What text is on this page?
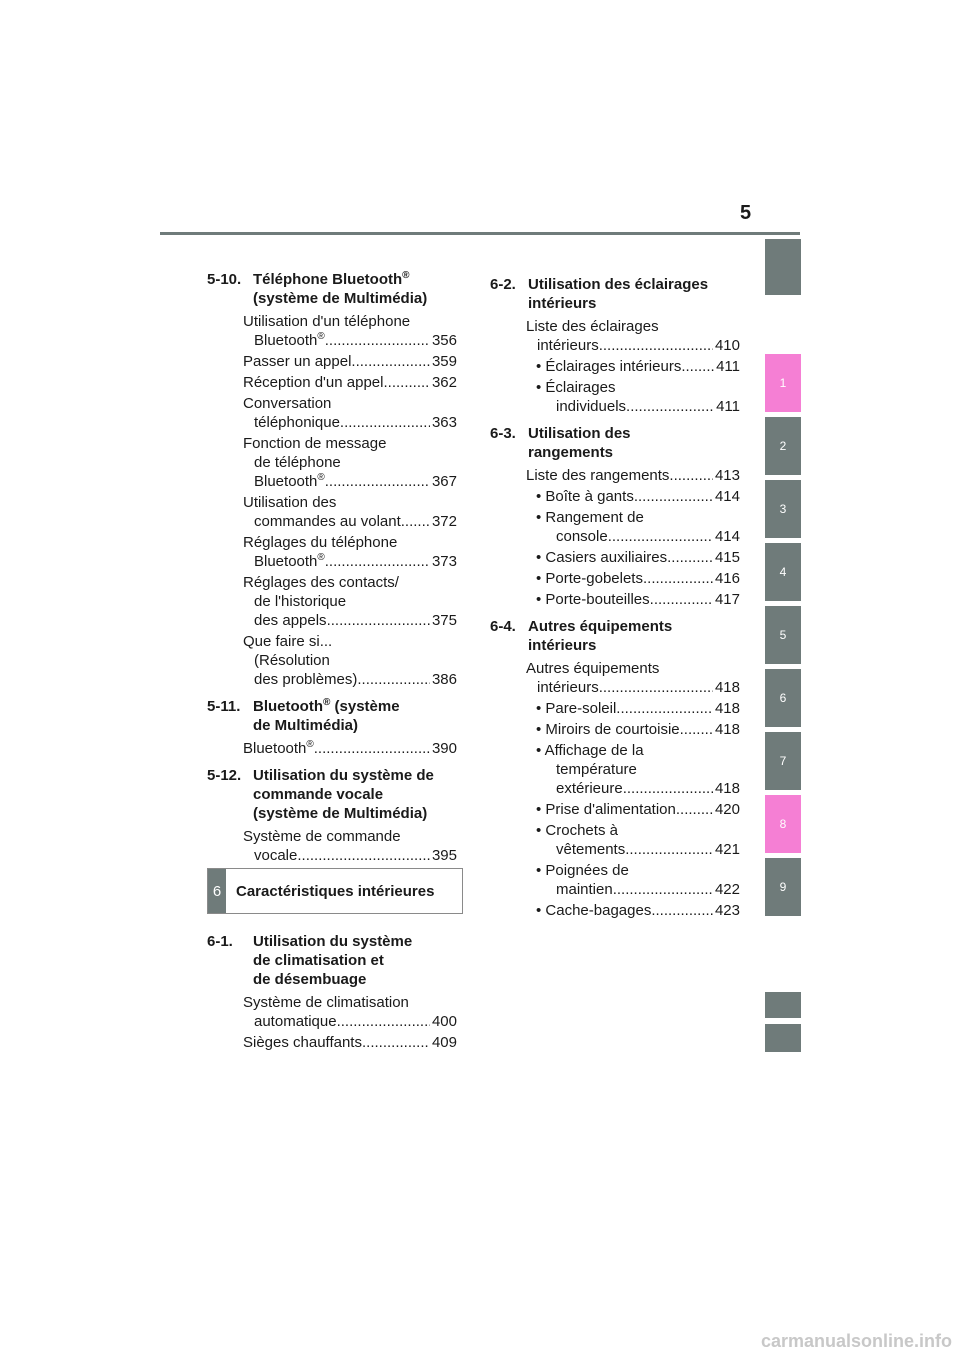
5
1
2
3
4
5
6
7
8
9
5-10. Téléphone Bluetooth®
(système de Multimédia)
Utilisation d'un téléphone
Bluetooth® .....	356
Passer un appel .....	359
Réception d'un appel .....	362
Conversation
téléphonique .....	363
Fonction de message
de téléphone
Bluetooth® .....	367
Utilisation des
commandes au volant ..... 372
Réglages du téléphone
Bluetooth® .....	373
Réglages des contacts/
de l'historique
des appels .....	375
Que faire si...
(Résolution
des problèmes) .....	386
5-11. Bluetooth® (système
de Multimédia)
Bluetooth® .....	390
5-12. Utilisation du système de
commande vocale
(système de Multimédia)
Système de commande
vocale .....	395
6 Caractéristiques intérieures
6-1. Utilisation du système
de climatisation et
de désembuage
Système de climatisation
automatique .....	400
Sièges chauffants .....	409
6-2. Utilisation des éclairages
intérieurs
Liste des éclairages
intérieurs .....	410
• Éclairages intérieurs ..... 411
• Éclairages
individuels .....	411
6-3. Utilisation des
rangements
Liste des rangements .....	413
• Boîte à gants .....	414
• Rangement de
console .....	414
• Casiers auxiliaires .....	415
• Porte-gobelets .....	416
• Porte-bouteilles .....	417
6-4. Autres équipements
intérieurs
Autres équipements
intérieurs .....	418
• Pare-soleil .....	418
• Miroirs de courtoisie ..... 418
• Affichage de la
température
extérieure .....	418
• Prise d'alimentation .....	420
• Crochets à
vêtements .....	421
• Poignées de
maintien .....	422
• Cache-bagages .....	423
carmanualsonline.info
